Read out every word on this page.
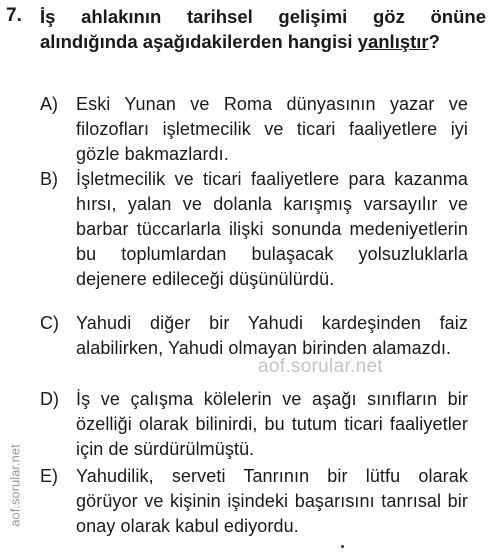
7. İş ahlakının tarihsel gelişimi göz önüne alındığında aşağıdakilerden hangisi yanlıştır?
A) Eski Yunan ve Roma dünyasının yazar ve filozofları işletmecilik ve ticari faaliyetlere iyi gözle bakmazlardı.
B) İşletmecilik ve ticari faaliyetlere para kazanma hırsı, yalan ve dolanla karışmış varsayılır ve barbar tüccarlarla ilişki sonunda medeniyetlerin bu toplumlardan bulaşacak yolsuzluklarla dejenere edileceği düşünülürdü.
C) Yahudi diğer bir Yahudi kardeşinden faiz alabilirken, Yahudi olmayan birinden alamazdı.
D) İş ve çalışma kölelerin ve aşağı sınıfların bir özelliği olarak bilinirdi, bu tutum ticari faaliyetler için de sürdürülmüştü.
E) Yahudilik, serveti Tanrının bir lütfu olarak görüyor ve kişinin işindeki başarısını tanrısal bir onay olarak kabul ediyordu.
aof.sorular.net
aof.sorular.net
